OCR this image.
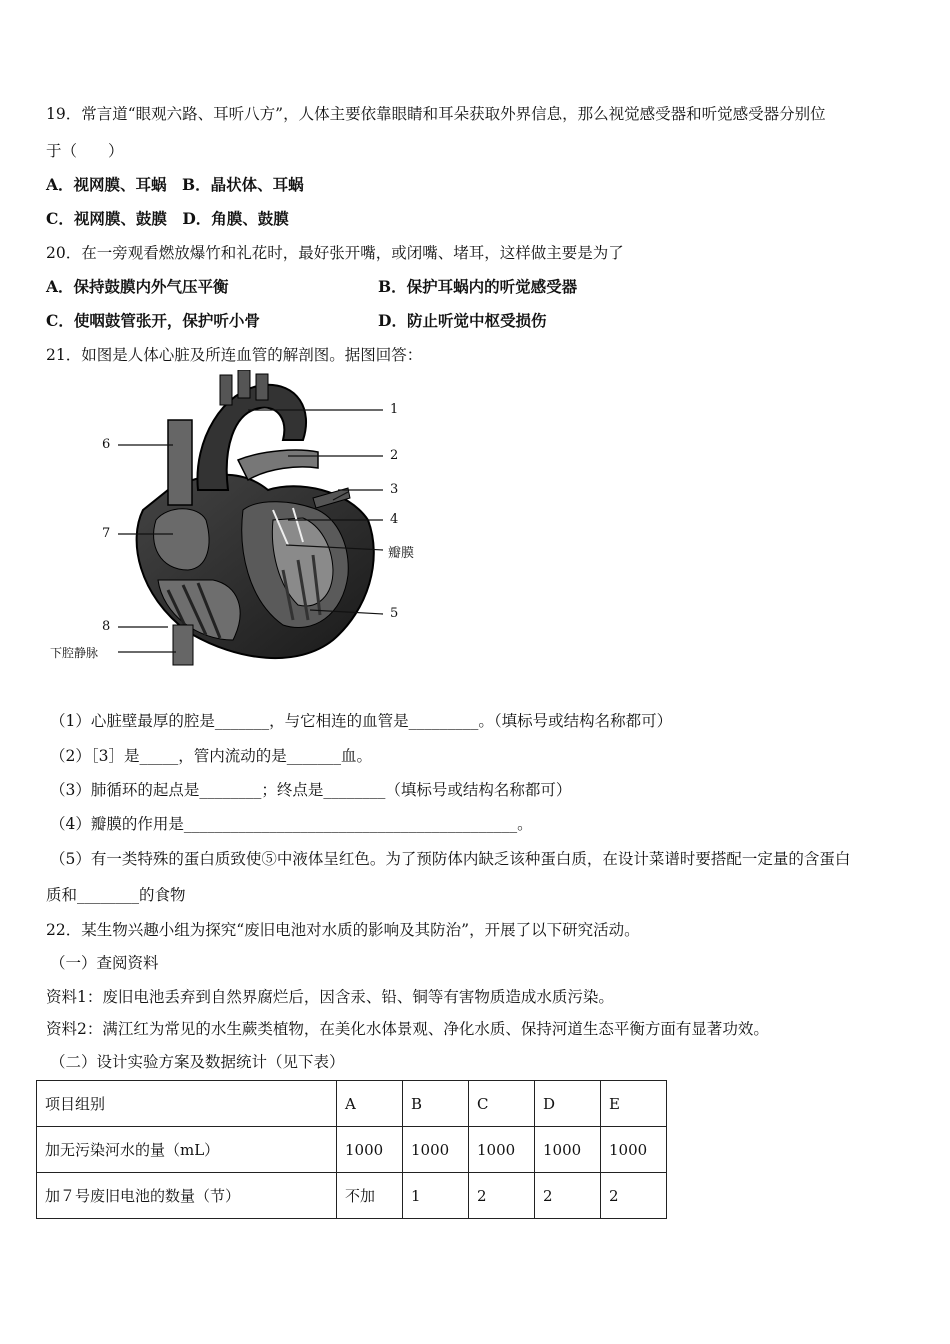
19．常言道“眼观六路、耳听八方”，人体主要依靠眼睛和耳朵获取外界信息，那么视觉感受器和听觉感受器分别位
于（　　）
A．视网膜、耳蜗　B．晶状体、耳蜗
C．视网膜、鼓膜　D．角膜、鼓膜
20．在一旁观看燃放爆竹和礼花时，最好张开嘴，或闭嘴、堵耳，这样做主要是为了
A．保持鼓膜内外气压平衡	B．保护耳蜗内的听觉感受器
C．使咽鼓管张开，保护听小骨	D．防止听觉中枢受损伤
21．如图是人体心脏及所连血管的解剖图。据图回答：
1
2
3
4
瓣膜
5
6
7
8
下腔静脉
（1）心脏壁最厚的腔是_______，与它相连的血管是_________。（填标号或结构名称都可）
（2）［3］是_____，管内流动的是_______血。
（3）肺循环的起点是________；终点是________（填标号或结构名称都可）
（4）瓣膜的作用是___________________________________________。
（5）有一类特殊的蛋白质致使⑤中液体呈红色。为了预防体内缺乏该种蛋白质，在设计菜谱时要搭配一定量的含蛋白
质和________的食物
22．某生物兴趣小组为探究“废旧电池对水质的影响及其防治”，开展了以下研究活动。
（一）查阅资料
资料1：废旧电池丢弃到自然界腐烂后，因含汞、铅、铜等有害物质造成水质污染。
资料2：满江红为常见的水生蕨类植物，在美化水体景观、净化水质、保持河道生态平衡方面有显著功效。
（二）设计实验方案及数据统计（见下表）
项目组别	A	B	C	D	E
加无污染河水的量（mL）	1000	1000	1000	1000	1000
加７号废旧电池的数量（节）	不加	1	2	2	2
